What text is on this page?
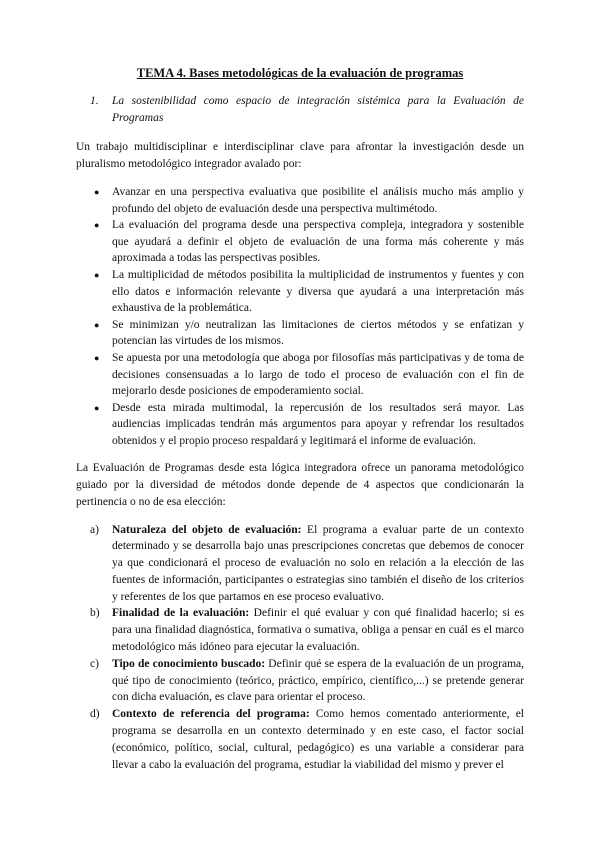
TEMA 4. Bases metodológicas de la evaluación de programas
1.	La sostenibilidad como espacio de integración sistémica para la Evaluación de Programas

Un trabajo multidisciplinar e interdisciplinar clave para afrontar la investigación desde un pluralismo metodológico integrador avalado por:

●	Avanzar en una perspectiva evaluativa que posibilite el análisis mucho más amplio y profundo del objeto de evaluación desde una perspectiva multimétodo.
●	La evaluación del programa desde una perspectiva compleja, integradora y sostenible que ayudará a definir el objeto de evaluación de una forma más coherente y más aproximada a todas las perspectivas posibles.
●	La multiplicidad de métodos posibilita la multiplicidad de instrumentos y fuentes y con ello datos e información relevante y diversa que ayudará a una interpretación más exhaustiva de la problemática.
●	Se minimizan y/o neutralizan las limitaciones de ciertos métodos y se enfatizan y potencian las virtudes de los mismos.
●	Se apuesta por una metodología que aboga por filosofías más participativas y de toma de decisiones consensuadas a lo largo de todo el proceso de evaluación con el fin de mejorarlo desde posiciones de empoderamiento social.
●	Desde esta mirada multimodal, la repercusión de los resultados será mayor. Las audiencias implicadas tendrán más argumentos para apoyar y refrendar los resultados obtenidos y el propio proceso respaldará y legitimará el informe de evaluación.

La Evaluación de Programas desde esta lógica integradora ofrece un panorama metodológico guiado por la diversidad de métodos donde depende de 4 aspectos que condicionarán la pertinencia o no de esa elección:

a)	Naturaleza del objeto de evaluación: El programa a evaluar parte de un contexto determinado y se desarrolla bajo unas prescripciones concretas que debemos de conocer ya que condicionará el proceso de evaluación no solo en relación a la elección de las fuentes de información, participantes o estrategias sino también el diseño de los criterios y referentes de los que partamos en ese proceso evaluativo.
b)	Finalidad de la evaluación: Definir el qué evaluar y con qué finalidad hacerlo; si es para una finalidad diagnóstica, formativa o sumativa, obliga a pensar en cuál es el marco metodológico más idóneo para ejecutar la evaluación.
c)	Tipo de conocimiento buscado: Definir qué se espera de la evaluación de un programa, qué tipo de conocimiento (teórico, práctico, empírico, científico,...) se pretende generar con dicha evaluación, es clave para orientar el proceso.
d)	Contexto de referencia del programa: Como hemos comentado anteriormente, el programa se desarrolla en un contexto determinado y en este caso, el factor social (económico, político, social, cultural, pedagógico) es una variable a considerar para llevar a cabo la evaluación del programa, estudiar la viabilidad del mismo y prever el
